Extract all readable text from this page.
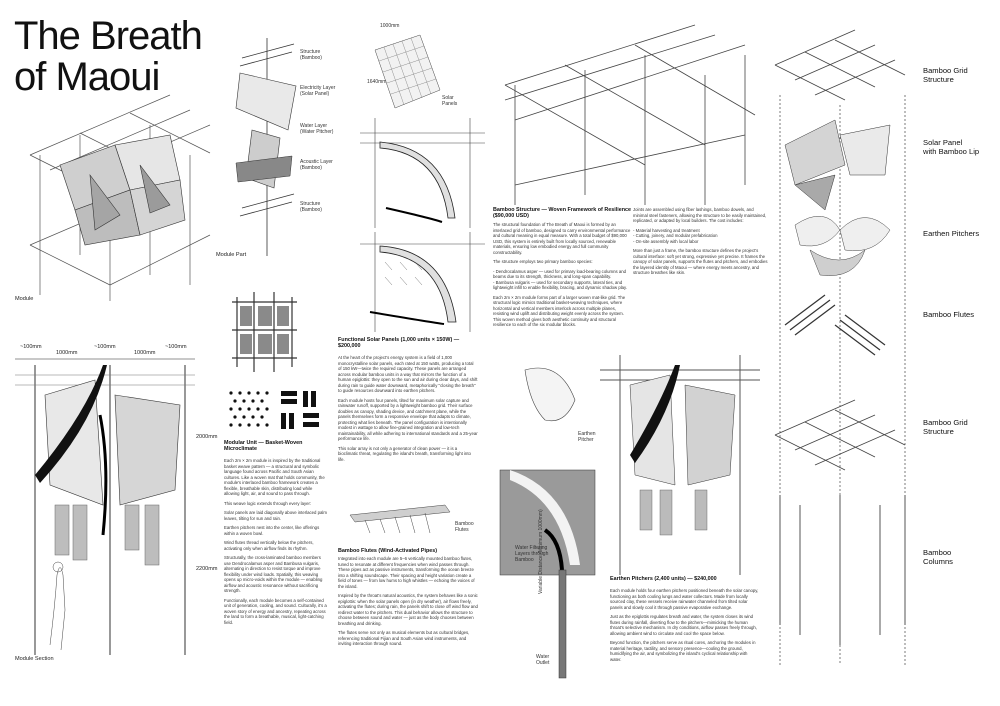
The Breath
of Maoui
Module
Module Part
Structure
(Bamboo)
Electricity Layer
(Solar Panel)
Water Layer
(Water Pitcher)
Acoustic Layer
(Bamboo)
Structure
(Bamboo)
1000mm
1640mm
Solar
Panels
Functional Solar Panels (1,000 units × 150W) — $200,000

At the heart of the project's energy system is a field of 1,000 monocrystalline solar panels, each rated at 150 watts, producing a total of 150 kW—twice the required capacity. These panels are arranged across modular bamboo units in a way that mirrors the function of a human epiglottis: they open to the sun and air during clear days, and shift during rain to guide water downward, metaphorically "closing the breath" to guide resources downward into earthen pitchers.

Each module hosts four panels, tilted for maximum solar capture and rainwater runoff, supported by a lightweight bamboo grid. Their surface doubles as canopy, shading device, and catchment plane, while the panels themselves form a responsive envelope that adapts to climate, protecting what lies beneath. The panel configuration is intentionally modest in wattage to allow fine-grained integration and low-tech maintainability, all while adhering to international standards and a 25-year performance life.

This solar array is not only a generator of clean power — it is a bioclimatic threat, regulating the island's breath, transforming light into life.

Modular Unit — Basket-Woven Microclimate

Each 2m × 2m module is inspired by the traditional basket weave pattern — a structural and symbolic language found across Pacific and South Asian cultures. Like a woven mat that holds community, the module's interlaced bamboo framework creates a flexible, breathable skin, distributing load while allowing light, air, and sound to pass through.

This weave logic extends through every layer:

Solar panels are laid diagonally above interlaced palm leaves, tilting for sun and rain.

Earthen pitchers nest into the center, like offerings within a woven bowl.

Wind flutes thread vertically below the pitchers, activating only when airflow finds its rhythm.

Structurally, the cross-laminated bamboo members use Dendrocalamus asper and Bambusa vulgaris, alternating in direction to resist torque and improve flexibility under wind loads. Spatially, this weaving opens up micro-voids within the module — enabling airflow and acoustic resonance without sacrificing strength.

Functionally, each module becomes a self-contained unit of generation, cooling, and sound. Culturally, it's a woven story of energy and ancestry, repeating across the land to form a breathable, musical, light-catching field.

~100mm
1000mm
~100mm
1000mm
~100mm
2000mm
2200mm
Module Section
Bamboo
Flutes
Bamboo Flutes (Wind-Activated Pipes)

Integrated into each module are 5–6 vertically mounted bamboo flutes, tuned to resonate at different frequencies when wind passes through. These pipes act as passive instruments, transforming the ocean breeze into a shifting soundscape. Their spacing and height variation create a field of tones — from low hums to high whistles — echoing the voices of the island.

Inspired by the throat's natural acoustics, the system behaves like a sonic epiglottis: when the solar panels open (in dry weather), air flows freely, activating the flutes; during rain, the panels shift to close off wind flow and redirect water to the pitchers. This dual behavior allows the structure to choose between sound and water — just as the body chooses between breathing and drinking.

The flutes serve not only as musical elements but as cultural bridges, referencing traditional Fijian and South Asian wind instruments, and inviting interaction through sound.

Bamboo Structure — Woven Framework of Resilience ($90,000 USD)

The structural foundation of The Breath of Maoui is formed by an interlaced grid of bamboo, designed to carry environmental performance and cultural meaning in equal measure. With a total budget of $90,000 USD, this system is entirely built from locally sourced, renewable materials, ensuring low embodied energy and full community constructability.

The structure employs two primary bamboo species:

- Dendrocalamus asper — used for primary load-bearing columns and beams due to its strength, thickness, and long-span capability.
- Bambusa vulgaris — used for secondary supports, lateral ties, and lightweight infill to enable flexibility, bracing, and dynamic shadow play.

Each 2m × 2m module forms part of a larger woven mat-like grid. The structural logic mimics traditional basket-weaving techniques, where horizontal and vertical members interlock across multiple planes, resisting wind uplift and distributing weight evenly across the system. This woven method gives both aesthetic continuity and structural resilience to each of the six modular blocks.

Joints are assembled using fiber lashings, bamboo dowels, and minimal steel fasteners, allowing the structure to be easily maintained, replicated, or adapted by local builders. The cost includes:

- Material harvesting and treatment
- Cutting, joinery, and modular prefabrication
- On-site assembly with local labor

More than just a frame, the bamboo structure defines the project's cultural interface: soft yet strong, expressive yet precise. It frames the canopy of solar panels, supports the flutes and pitchers, and embodies the layered identity of Maoui — where energy meets ancestry, and structure breathes like skin.

Earthen
Pitcher
Water Filtering
Layers through
Bamboo
Water
Outlet
Variable Distance (Minimum 1000mm)	Earthen Pitchers (2,400 units) — $240,000

Each module holds four earthen pitchers positioned beneath the solar canopy, functioning as both cooling lungs and water collectors. Made from locally sourced clay, these vessels receive rainwater channeled from tilted solar panels and slowly cool it through passive evaporative exchange.

Just as the epiglottis regulates breath and water, the system closes its wind flutes during rainfall, diverting flow to the pitchers—mimicking the human throat's selective mechanism. In dry conditions, airflow passes freely through, allowing ambient wind to circulate and cool the space below.

Beyond function, the pitchers serve as ritual cores, anchoring the modules in material heritage, tactility, and sensory presence—cooling the ground, humidifying the air, and symbolizing the island's cyclical relationship with water.

Bamboo Grid
Structure
Solar Panel
with Bamboo Lip
Earthen Pitchers
Bamboo Flutes
Bamboo Grid
Structure
Bamboo
Columns
